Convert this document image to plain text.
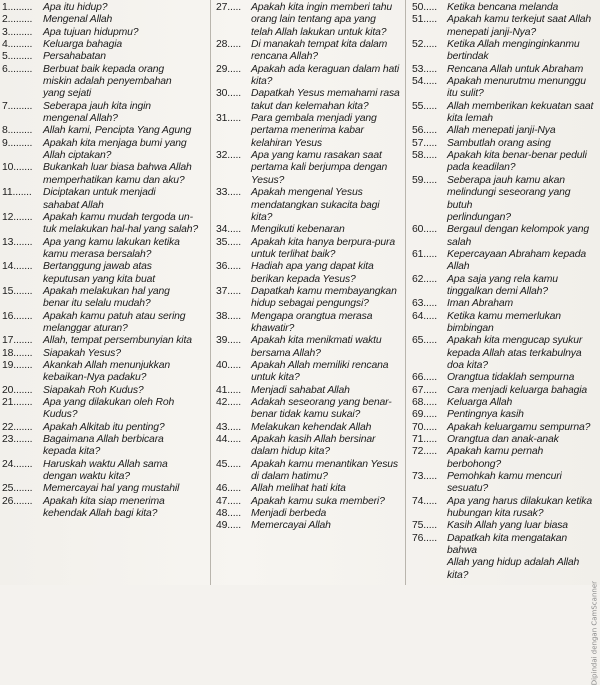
1.........	Apa itu hidup?
2.........	Mengenal Allah
3.........	Apa tujuan hidupmu?
4.........	Keluarga bahagia
5.........	Persahabatan
6.........	Berbuat baik kepada orang
miskin adalah penyembahan
yang sejati
7.........	Seberapa jauh kita ingin
mengenal Allah?
8.........	Allah kami, Pencipta Yang Agung
9.........	Apakah kita menjaga bumi yang
Allah ciptakan?
10.......	Bukankah luar biasa bahwa Allah
memperhatikan kamu dan aku?
11.......	Diciptakan untuk menjadi
sahabat Allah
12.......	Apakah kamu mudah tergoda un-
tuk melakukan hal-hal yang salah?
13.......	Apa yang kamu lakukan ketika
kamu merasa bersalah?
14.......	Bertanggung jawab atas
keputusan yang kita buat
15.......	Apakah melakukan hal yang
benar itu selalu mudah?
16.......	Apakah kamu patuh atau sering
melanggar aturan?
17.......	Allah, tempat persembunyian kita
18.......	Siapakah Yesus?
19.......	Akankah Allah menunjukkan
kebaikan-Nya padaku?
20.......	Siapakah Roh Kudus?
21.......	Apa yang dilakukan oleh Roh
Kudus?
22.......	Apakah Alkitab itu penting?
23.......	Bagaimana Allah berbicara
kepada kita?
24.......	Haruskah waktu Allah sama
dengan waktu kita?
25.......	Memercayai hal yang mustahil
26.......	Apakah kita siap menerima
kehendak Allah bagi kita?
27..... Apakah kita ingin memberi tahu
orang lain tentang apa yang
telah Allah lakukan untuk kita?
28..... Di manakah tempat kita dalam
rencana Allah?
29..... Apakah ada keraguan dalam hati
kita?
30..... Dapatkah Yesus memahami rasa
takut dan kelemahan kita?
31..... Para gembala menjadi yang
pertama menerima kabar
kelahiran Yesus
32..... Apa yang kamu rasakan saat
pertama kali berjumpa dengan
Yesus?
33..... Apakah mengenal Yesus
mendatangkan sukacita bagi kita?
34..... Mengikuti kebenaran
35..... Apakah kita hanya berpura-pura
untuk terlihat baik?
36..... Hadiah apa yang dapat kita
berikan kepada Yesus?
37..... Dapatkah kamu membayangkan
hidup sebagai pengungsi?
38..... Mengapa orangtua merasa
khawatir?
39..... Apakah kita menikmati waktu
bersama Allah?
40..... Apakah Allah memiliki rencana
untuk kita?
41..... Menjadi sahabat Allah
42..... Adakah seseorang yang benar-
benar tidak kamu sukai?
43..... Melakukan kehendak Allah
44..... Apakah kasih Allah bersinar
dalam hidup kita?
45..... Apakah kamu menantikan Yesus
di dalam hatimu?
46..... Allah melihat hati kita
47..... Apakah kamu suka memberi?
48..... Menjadi berbeda
49..... Memercayai Allah
50..... Ketika bencana melanda
51..... Apakah kamu terkejut saat Allah
menepati janji-Nya?
52..... Ketika Allah menginginkanmu
bertindak
53..... Rencana Allah untuk Abraham
54..... Apakah menurutmu menunggu
itu sulit?
55..... Allah memberikan kekuatan saat
kita lemah
56..... Allah menepati janji-Nya
57..... Sambutlah orang asing
58..... Apakah kita benar-benar peduli
pada keadilan?
59..... Seberapa jauh kamu akan
melindungi seseorang yang butuh
perlindungan?
60..... Bergaul dengan kelompok yang
salah
61..... Kepercayaan Abraham kepada
Allah
62..... Apa saja yang rela kamu
tinggalkan demi Allah?
63..... Iman Abraham
64..... Ketika kamu memerlukan
bimbingan
65..... Apakah kita mengucap syukur
kepada Allah atas terkabulnya
doa kita?
66..... Orangtua tidaklah sempurna
67..... Cara menjadi keluarga bahagia
68..... Keluarga Allah
69..... Pentingnya kasih
70..... Apakah keluargamu sempurna?
71..... Orangtua dan anak-anak
72..... Apakah kamu pernah berbohong?
73..... Pemohkah kamu mencuri sesuatu?
74..... Apa yang harus dilakukan ketika
hubungan kita rusak?
75..... Kasih Allah yang luar biasa
76..... Dapatkah kita mengatakan bahwa
Allah yang hidup adalah Allah kita?
Dipindai dengan CamScanner
